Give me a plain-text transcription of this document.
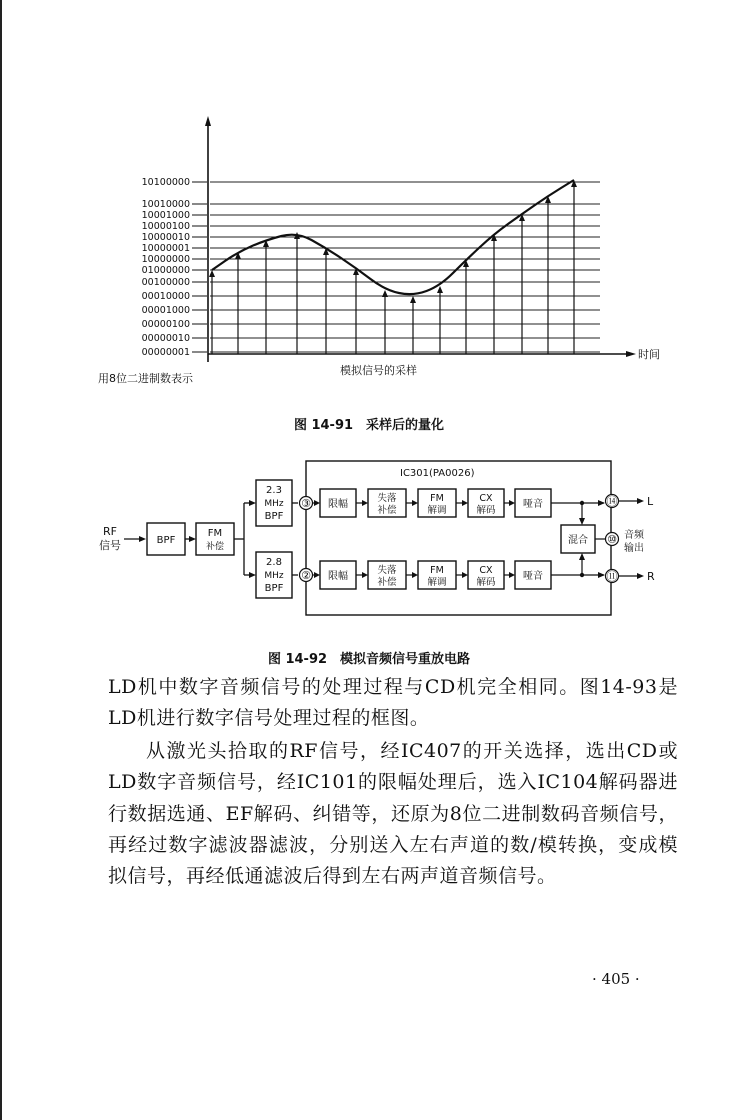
10100000
10010000
10001000
10000100
10000010
10000001
10000000
01000000
00100000
00010000
00001000
00000100
00000010
00000001	时间
模拟信号的采样
用8位二进制数表示
图 14-91　采样后的量化
RF
信号	BPF
FM
补偿
2.3
MHz
BPF
2.8
MHz
BPF
IC301(PA0026)
③
②
限幅
失落
补偿
FM
解调
CX
解码
哑音
限幅
失落
补偿
FM
解调
CX
解码
哑音
混合
⑭
⑩
⑪
L
R
音频
输出
图 14-92　模拟音频信号重放电路

LD机中数字音频信号的处理过程与CD机完全相同。图14-93是LD机进行数字信号处理过程的框图。

从激光头拾取的RF信号，经IC407的开关选择，选出CD或LD数字音频信号，经IC101的限幅处理后，选入IC104解码器进行数据选通、EF解码、纠错等，还原为8位二进制数码音频信号，再经过数字滤波器滤波，分别送入左右声道的数/模转换，变成模拟信号，再经低通滤波后得到左右两声道音频信号。

· 405 ·
